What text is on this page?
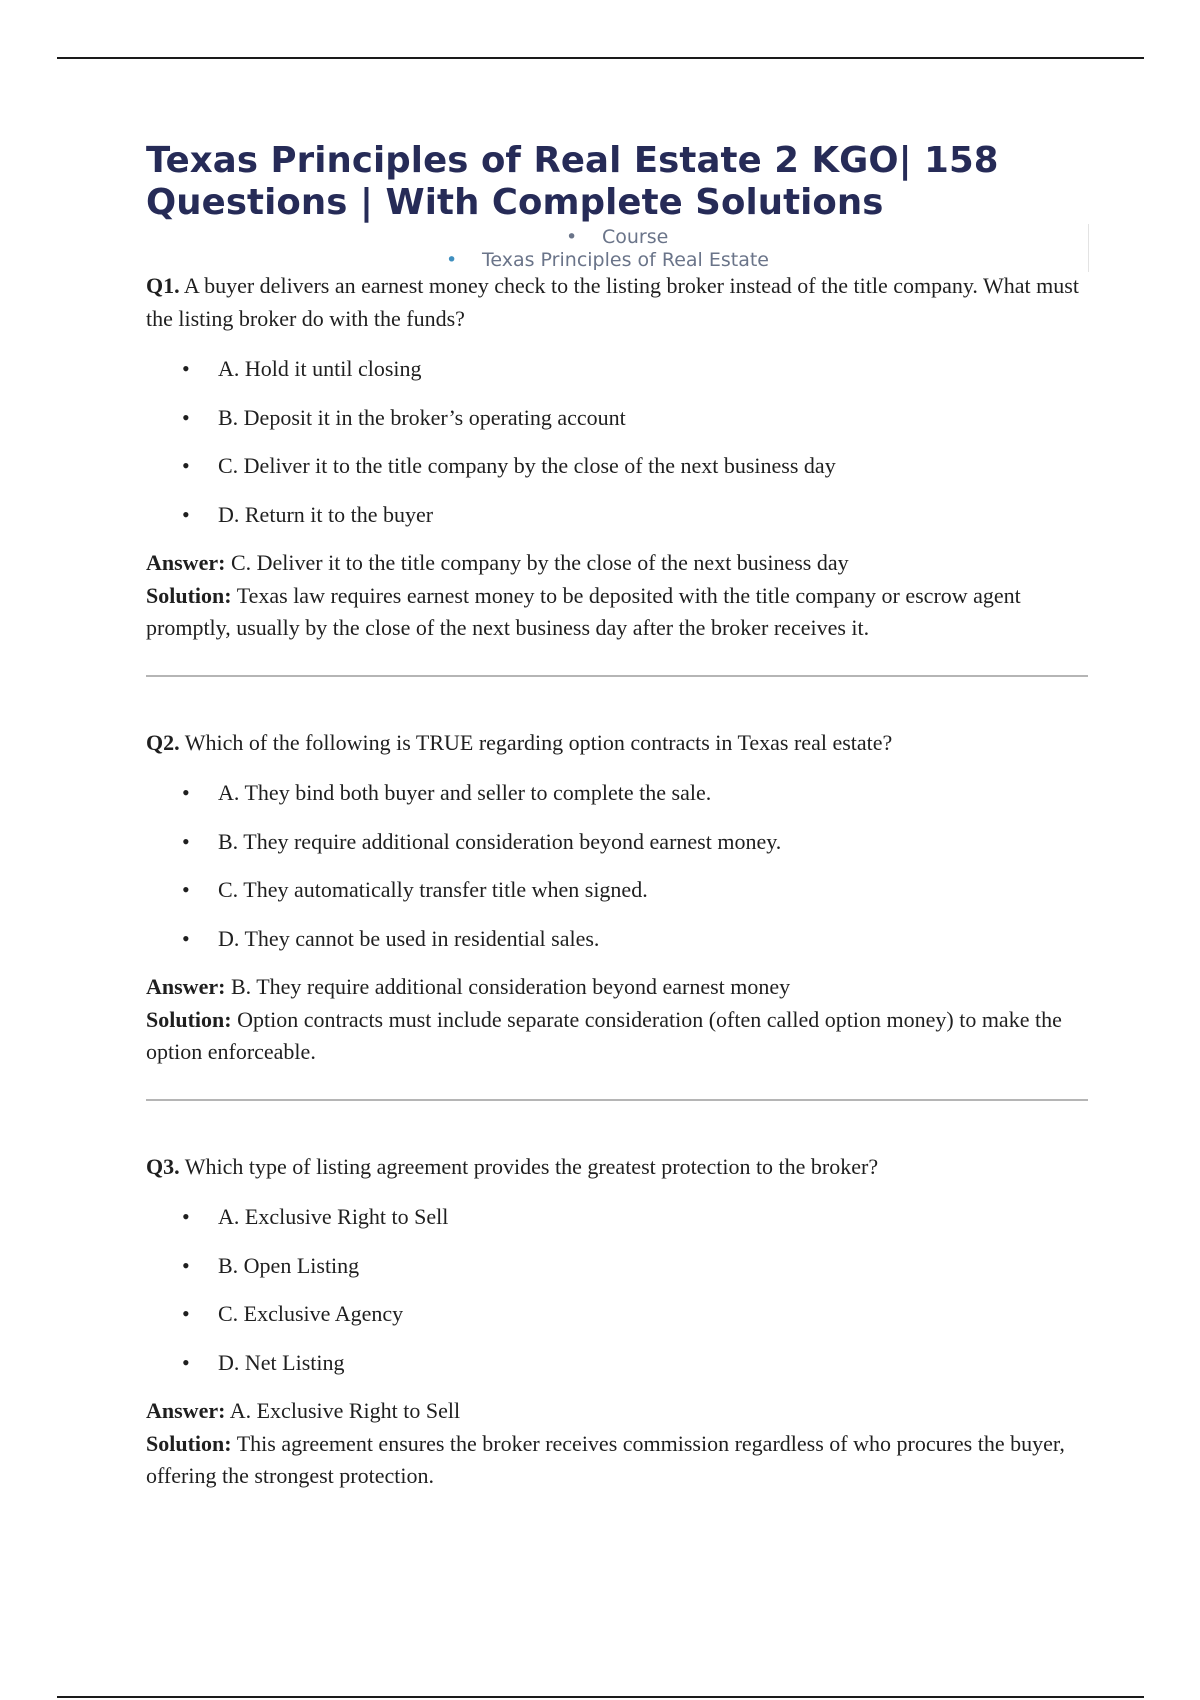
Texas Principles of Real Estate 2 KGO| 158
Questions | With Complete Solutions
• Course
• Texas Principles of Real Estate

Q1. A buyer delivers an earnest money check to the listing broker instead of the title company. What must the listing broker do with the funds?

• A. Hold it until closing
• B. Deposit it in the broker’s operating account
• C. Deliver it to the title company by the close of the next business day
• D. Return it to the buyer

Answer: C. Deliver it to the title company by the close of the next business day

Solution: Texas law requires earnest money to be deposited with the title company or escrow agent promptly, usually by the close of the next business day after the broker receives it.

Q2. Which of the following is TRUE regarding option contracts in Texas real estate?

• A. They bind both buyer and seller to complete the sale.
• B. They require additional consideration beyond earnest money.
• C. They automatically transfer title when signed.
• D. They cannot be used in residential sales.

Answer: B. They require additional consideration beyond earnest money

Solution: Option contracts must include separate consideration (often called option money) to make the option enforceable.

Q3. Which type of listing agreement provides the greatest protection to the broker?

• A. Exclusive Right to Sell
• B. Open Listing
• C. Exclusive Agency
• D. Net Listing

Answer: A. Exclusive Right to Sell

Solution: This agreement ensures the broker receives commission regardless of who procures the buyer, offering the strongest protection.
